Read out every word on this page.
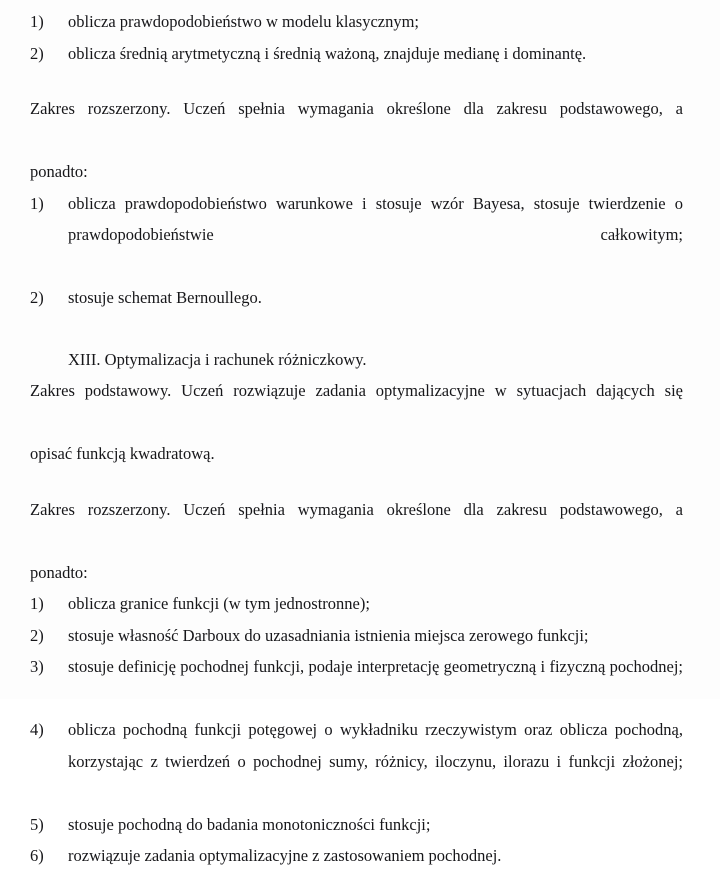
1)	oblicza prawdopodobieństwo w modelu klasycznym;
2)	oblicza średnią arytmetyczną i średnią ważoną, znajduje medianę i dominantę.

Zakres rozszerzony. Uczeń spełnia wymagania określone dla zakresu podstawowego, a

ponadto:

1)	oblicza prawdopodobieństwo warunkowe i stosuje wzór Bayesa, stosuje twierdzenie o prawdopodobieństwie całkowitym;
2)	stosuje schemat Bernoullego.

XIII. Optymalizacja i rachunek różniczkowy.

Zakres podstawowy. Uczeń rozwiązuje zadania optymalizacyjne w sytuacjach dających się

opisać funkcją kwadratową.

Zakres rozszerzony. Uczeń spełnia wymagania określone dla zakresu podstawowego, a

ponadto:

1)	oblicza granice funkcji (w tym jednostronne);
2)	stosuje własność Darboux do uzasadniania istnienia miejsca zerowego funkcji;
3)	stosuje definicję pochodnej funkcji, podaje interpretację geometryczną i fizyczną pochodnej;
4)	oblicza pochodną funkcji potęgowej o wykładniku rzeczywistym oraz oblicza pochodną, korzystając z twierdzeń o pochodnej sumy, różnicy, iloczynu, ilorazu i funkcji złożonej;
5)	stosuje pochodną do badania monotoniczności funkcji;
6)	rozwiązuje zadania optymalizacyjne z zastosowaniem pochodnej.
